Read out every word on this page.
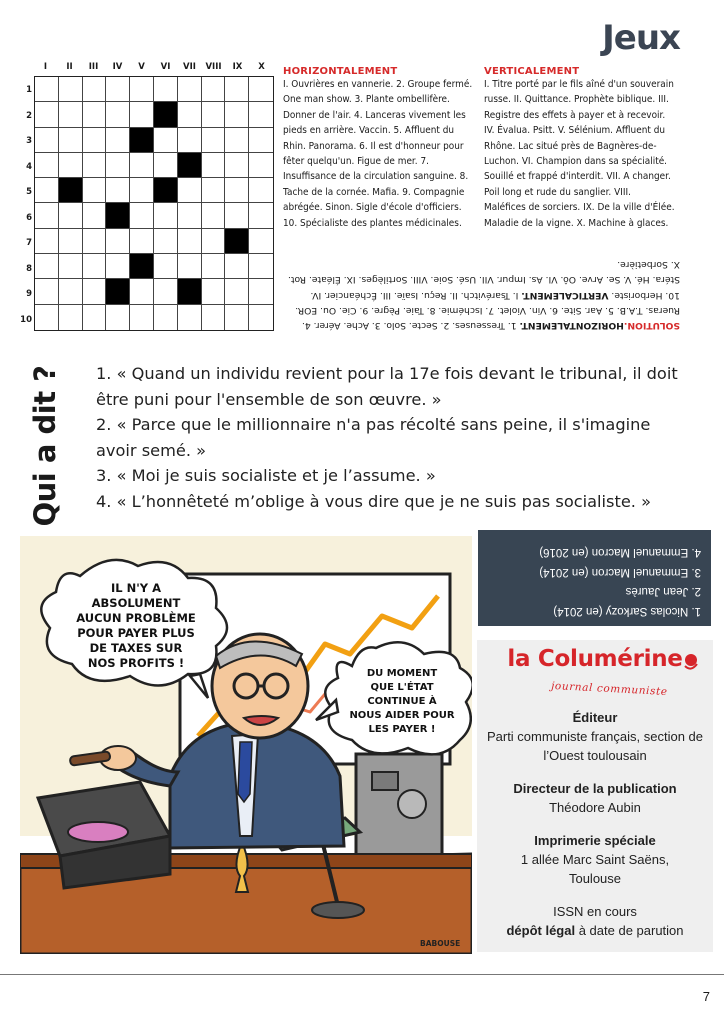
Jeux
I	II	III	IV	V	VI	VII	VIII	IX	X
1
2
3
4
5
6
7
8
9
10
HORIZONTALEMENT
I. Ouvrières en vannerie. 2. Groupe fermé. One man show. 3. Plante ombellifère. Donner de l'air. 4. Lanceras vivement les pieds en arrière. Vaccin. 5. Affluent du Rhin. Panorama. 6. Il est d'honneur pour fêter quelqu'un. Figue de mer. 7. Insuffisance de la circulation sanguine. 8. Tache de la cornée. Mafia. 9. Compagnie abrégée. Sinon. Sigle d'école d'officiers. 10. Spécialiste des plantes médicinales.
VERTICALEMENT
I. Titre porté par le fils aîné d'un souverain russe. II. Quittance. Prophète biblique. III. Registre des effets à payer et à recevoir. IV. Évalua. Psitt. V. Sélénium. Affluent du Rhône. Lac situé près de Bagnères-de-Luchon. VI. Champion dans sa spécialité. Souillé et frappé d'interdit. VII. A changer. Poil long et rude du sanglier. VIII. Maléfices de sorciers. IX. De la ville d'Élée. Maladie de la vigne. X. Machine à glaces.
SOLUTION.HORIZONTALEMENT. 1. Tresseuses. 2. Secte. Solo. 3. Ache. Aérer. 4. Rueras. T.A.B. 5. Aar. Site. 6. Vin. Violet. 7. Ischémie. 8. Taie. Pègre. 9. Cie. Ou. EOR. 10. Herboriste. VERTICALEMENT. I. Tsarévitch. II. Reçu. Isaïe. III. Échéancier. IV. Stéra. Hé. V. Se. Arve. Oô. VI. As. Impur. VII. Usé. Soie. VIII. Sortilèges. IX. Éléate. Rot. X. Sorbetière.
Qui a dit ? 1. « Quand un individu revient pour la 17e fois devant le tribunal, il doit être puni pour l'ensemble de son œuvre. »

2. « Parce que le millionnaire n'a pas récolté sans peine, il s'imagine avoir semé. »

3. « Moi je suis socialiste et je l’assume. »

4. « L’honnêteté m’oblige à vous dire que je ne suis pas socialiste. »

1. Nicolas Sarkozy (en 2014)

2. Jean Jaurès

3. Emmanuel Macron (en 2014)

4. Emmanuel Macron (en 2016)

IL N'Y A
ABSOLUMENT
AUCUN PROBLÈME
POUR PAYER PLUS
DE TAXES SUR
NOS PROFITS !
DU MOMENT
QUE L'ÉTAT
CONTINUE À
NOUS AIDER POUR
LES PAYER !
BABOUSE
la Columérine
journal communiste
Éditeur

Parti communiste français, section de l’Ouest toulousain

Directeur de la publication

Théodore Aubin

Imprimerie spéciale

1 allée Marc Saint Saëns,

Toulouse

ISSN en cours

dépôt légal à date de parution

7
